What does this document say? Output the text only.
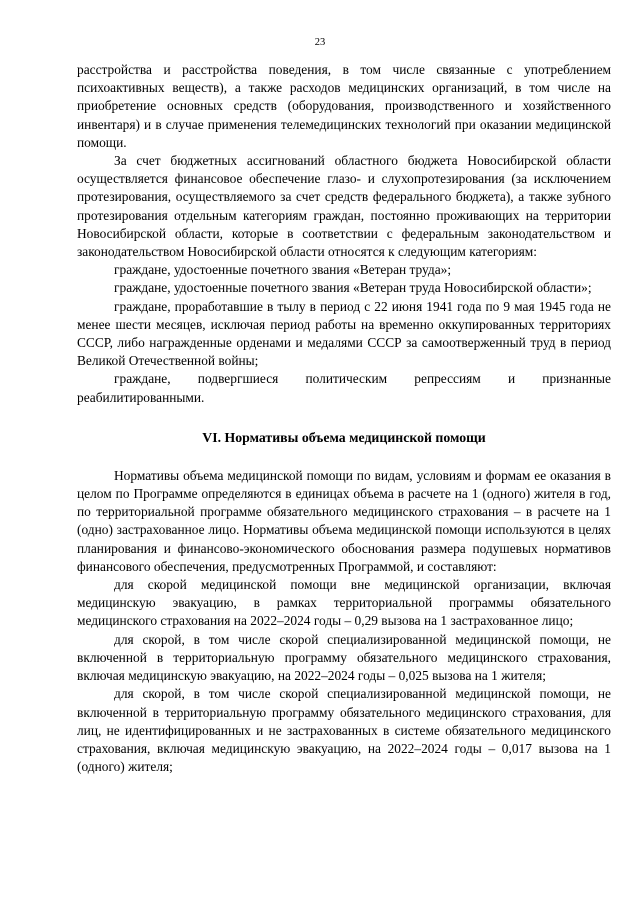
23

расстройства и расстройства поведения, в том числе связанные с употреблением психоактивных веществ), а также расходов медицинских организаций, в том числе на приобретение основных средств (оборудования, производственного и хозяйственного инвентаря) и в случае применения телемедицинских технологий при оказании медицинской помощи.

За счет бюджетных ассигнований областного бюджета Новосибирской области осуществляется финансовое обеспечение глазо- и слухопротезирования (за исключением протезирования, осуществляемого за счет средств федерального бюджета), а также зубного протезирования отдельным категориям граждан, постоянно проживающих на территории Новосибирской области, которые в соответствии с федеральным законодательством и законодательством Новосибирской области относятся к следующим категориям:

граждане, удостоенные почетного звания «Ветеран труда»;

граждане, удостоенные почетного звания «Ветеран труда Новосибирской области»;

граждане, проработавшие в тылу в период с 22 июня 1941 года по 9 мая 1945 года не менее шести месяцев, исключая период работы на временно оккупированных территориях СССР, либо награжденные орденами и медалями СССР за самоотверженный труд в период Великой Отечественной войны;

граждане, подвергшиеся политическим репрессиям и признанные реабилитированными.

VI. Нормативы объема медицинской помощи

Нормативы объема медицинской помощи по видам, условиям и формам ее оказания в целом по Программе определяются в единицах объема в расчете на 1 (одного) жителя в год, по территориальной программе обязательного медицинского страхования – в расчете на 1 (одно) застрахованное лицо. Нормативы объема медицинской помощи используются в целях планирования и финансово-экономического обоснования размера подушевых нормативов финансового обеспечения, предусмотренных Программой, и составляют:

для скорой медицинской помощи вне медицинской организации, включая медицинскую эвакуацию, в рамках территориальной программы обязательного медицинского страхования на 2022–2024 годы – 0,29 вызова на 1 застрахованное лицо;

для скорой, в том числе скорой специализированной медицинской помощи, не включенной в территориальную программу обязательного медицинского страхования, включая медицинскую эвакуацию, на 2022–2024 годы – 0,025 вызова на 1 жителя;

для скорой, в том числе скорой специализированной медицинской помощи, не включенной в территориальную программу обязательного медицинского страхования, для лиц, не идентифицированных и не застрахованных в системе обязательного медицинского страхования, включая медицинскую эвакуацию, на 2022–2024 годы – 0,017 вызова на 1 (одного) жителя;
